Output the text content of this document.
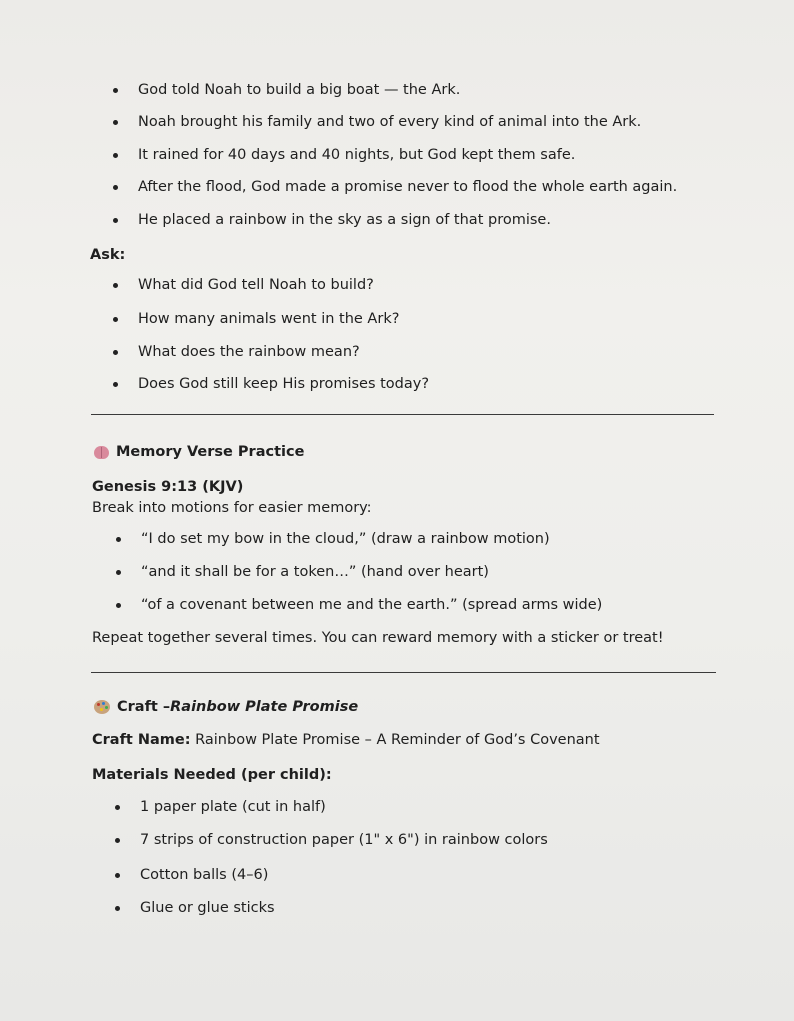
God told Noah to build a big boat — the Ark.
Noah brought his family and two of every kind of animal into the Ark.
It rained for 40 days and 40 nights, but God kept them safe.
After the flood, God made a promise never to flood the whole earth again.
He placed a rainbow in the sky as a sign of that promise.
Ask:
What did God tell Noah to build?
How many animals went in the Ark?
What does the rainbow mean?
Does God still keep His promises today?
Memory Verse Practice
Genesis 9:13 (KJV)
Break into motions for easier memory:
“I do set my bow in the cloud,” (draw a rainbow motion)
“and it shall be for a token…” (hand over heart)
“of a covenant between me and the earth.” (spread arms wide)
Repeat together several times. You can reward memory with a sticker or treat!
Craft – Rainbow Plate Promise
Craft Name: Rainbow Plate Promise – A Reminder of God’s Covenant
Materials Needed (per child):
1 paper plate (cut in half)
7 strips of construction paper (1" x 6") in rainbow colors
Cotton balls (4–6)
Glue or glue sticks
